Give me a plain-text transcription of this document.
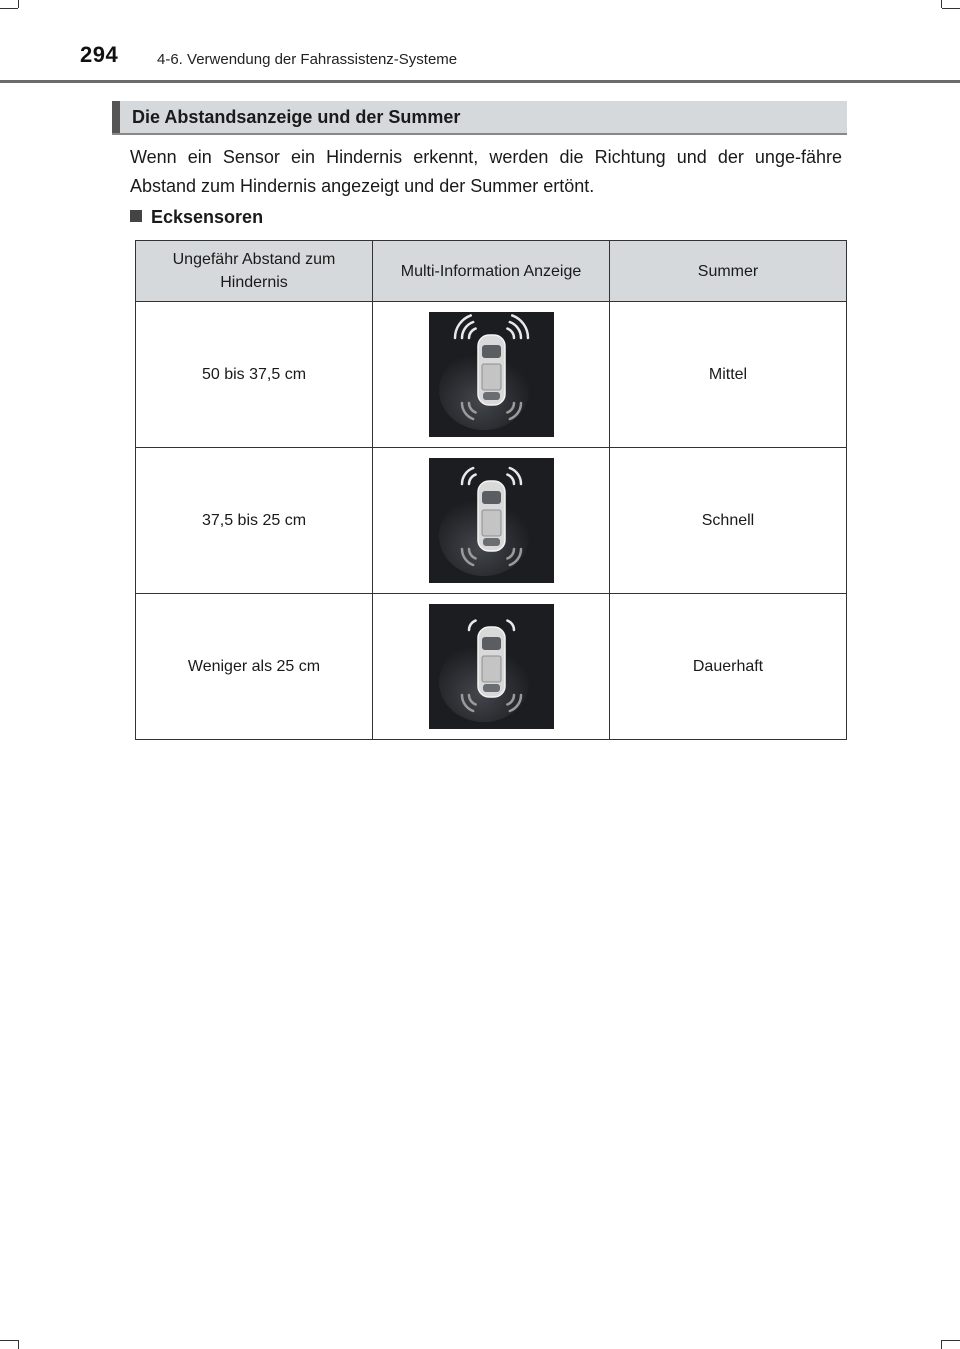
294	4-6. Verwendung der Fahrassistenz-Systeme
Die Abstandsanzeige und der Summer
Wenn ein Sensor ein Hindernis erkennt, werden die Richtung und der unge-fähre Abstand zum Hindernis angezeigt und der Summer ertönt.
Ecksensoren
Ungefähr Abstand zum Hindernis	Multi-Information Anzeige	Summer
50 bis 37,5 cm		Mittel
37,5 bis 25 cm		Schnell
Weniger als 25 cm		Dauerhaft
